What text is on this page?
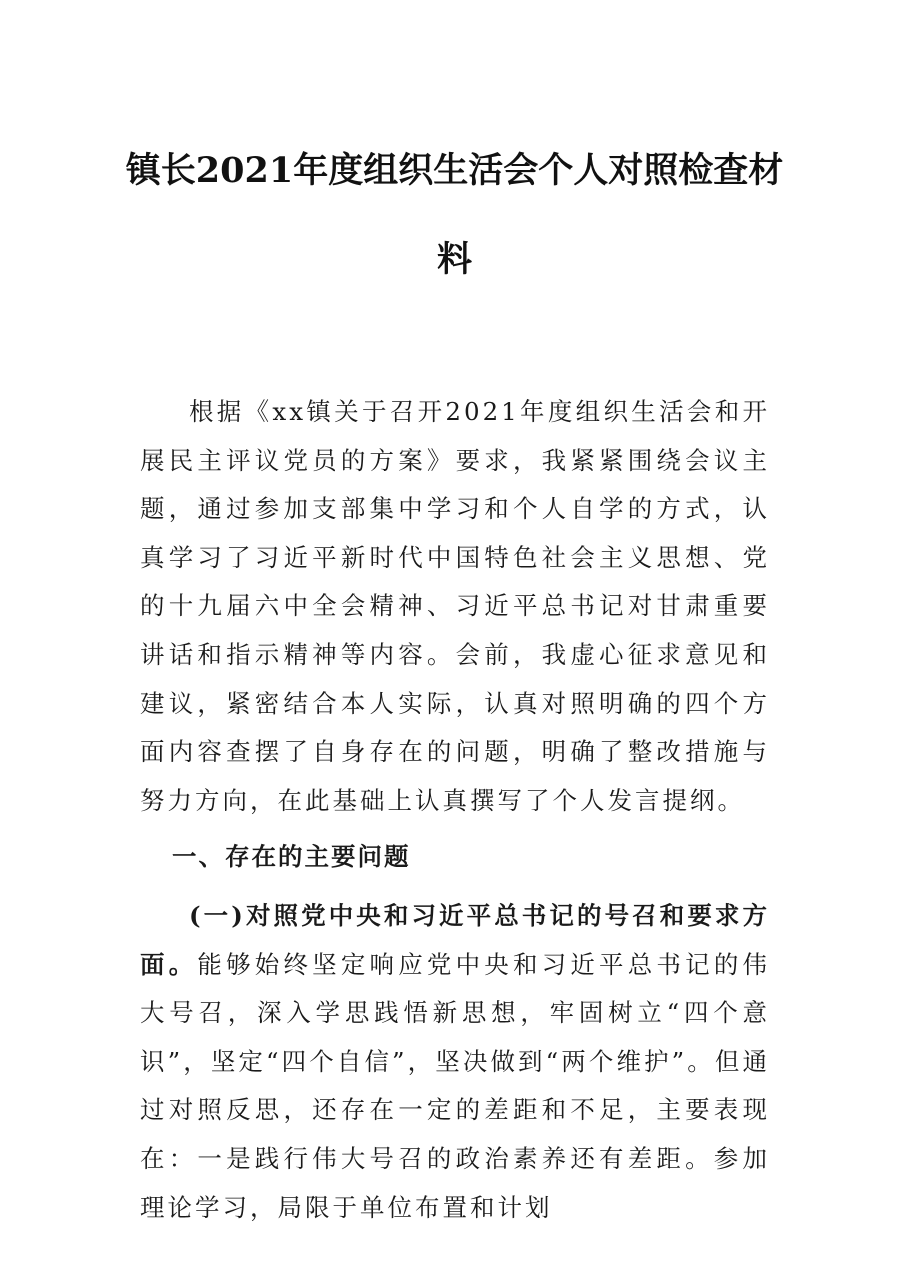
镇长2021年度组织生活会个人对照检查材
料

根据《xx镇关于召开2021年度组织生活会和开展民主评议党员的方案》要求，我紧紧围绕会议主题，通过参加支部集中学习和个人自学的方式，认真学习了习近平新时代中国特色社会主义思想、党的十九届六中全会精神、习近平总书记对甘肃重要讲话和指示精神等内容。会前，我虚心征求意见和建议，紧密结合本人实际，认真对照明确的四个方面内容查摆了自身存在的问题，明确了整改措施与努力方向，在此基础上认真撰写了个人发言提纲。

一、存在的主要问题

(一)对照党中央和习近平总书记的号召和要求方面。能够始终坚定响应党中央和习近平总书记的伟大号召，深入学思践悟新思想，牢固树立“四个意识”，坚定“四个自信”，坚决做到“两个维护”。但通过对照反思，还存在一定的差距和不足，主要表现在：一是践行伟大号召的政治素养还有差距。参加理论学习，局限于单位布置和计划
